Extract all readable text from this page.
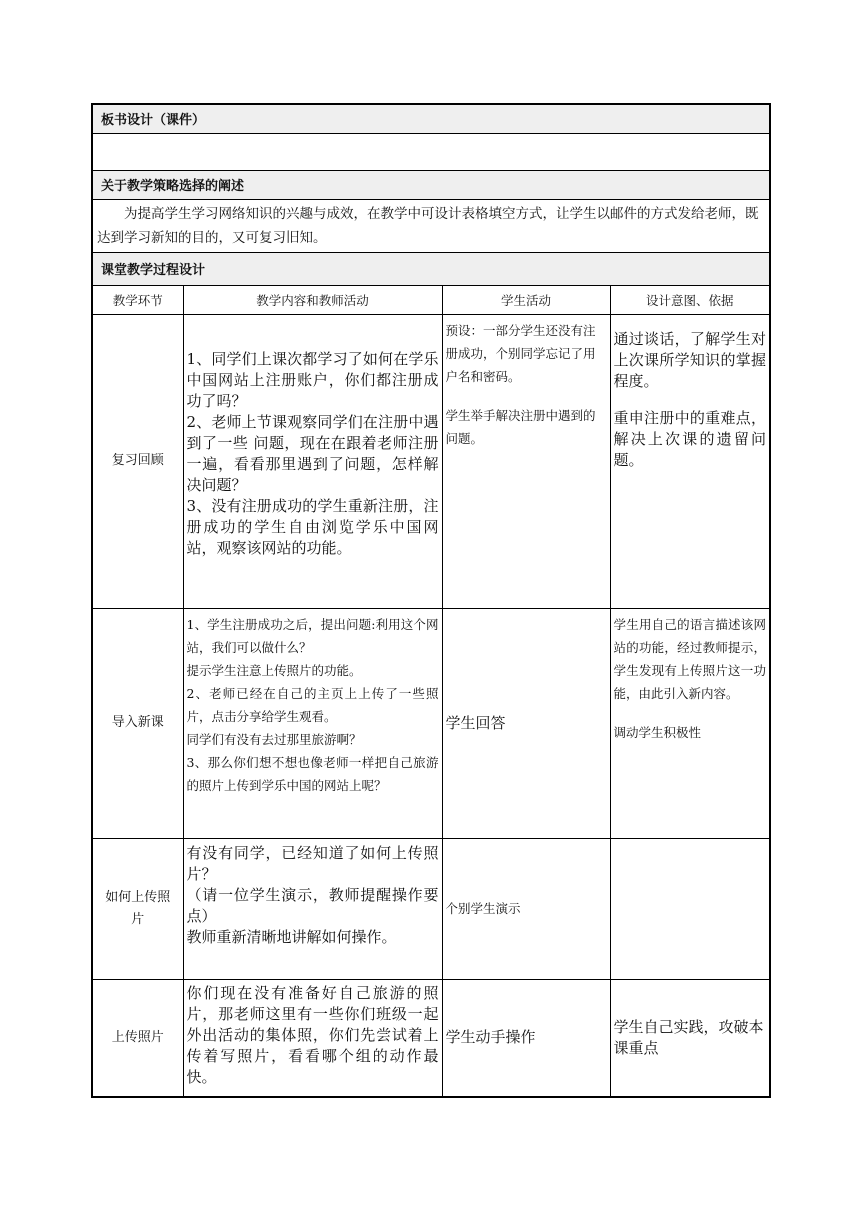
板书设计（课件）			

关于教学策略选择的阐述			
为提高学生学习网络知识的兴趣与成效，在教学中可设计表格填空方式，让学生以邮件的方式发给老师，既达到学习新知的目的，又可复习旧知。			
课堂教学过程设计			
教学环节	教学内容和教师活动	学生活动	设计意图、依据
复习回顾	1、同学们上课次都学习了如何在学乐中国网站上注册账户，你们都注册成功了吗？
2、老师上节课观察同学们在注册中遇到了一些 问题，现在在跟着老师注册一遍，看看那里遇到了问题，怎样解决问题？
3、没有注册成功的学生重新注册，注册成功的学生自由浏览学乐中国网站，观察该网站的功能。	预设：一部分学生还没有注册成功，个别同学忘记了用户名和密码。
学生举手解决注册中遇到的问题。	通过谈话，了解学生对上次课所学知识的掌握程度。
重申注册中的重难点，解决上次课的遗留问题。

导入新课	1、学生注册成功之后，提出问题:利用这个网站，我们可以做什么？
提示学生注意上传照片的功能。
2、老师已经在自己的主页上上传了一些照片，点击分享给学生观看。
同学们有没有去过那里旅游啊？
3、那么你们想不想也像老师一样把自己旅游的照片上传到学乐中国的网站上呢？	学生回答	学生用自己的语言描述该网站的功能，经过教师提示，学生发现有上传照片这一功能，由此引入新内容。
调动学生积极性

如何上传照片	有没有同学，已经知道了如何上传照片？
（请一位学生演示，教师提醒操作要点）
教师重新清晰地讲解如何操作。	个别学生演示	
上传照片	你们现在没有准备好自己旅游的照片，那老师这里有一些你们班级一起外出活动的集体照，你们先尝试着上传着写照片，看看哪个组的动作最快。	学生动手操作	学生自己实践，攻破本课重点
